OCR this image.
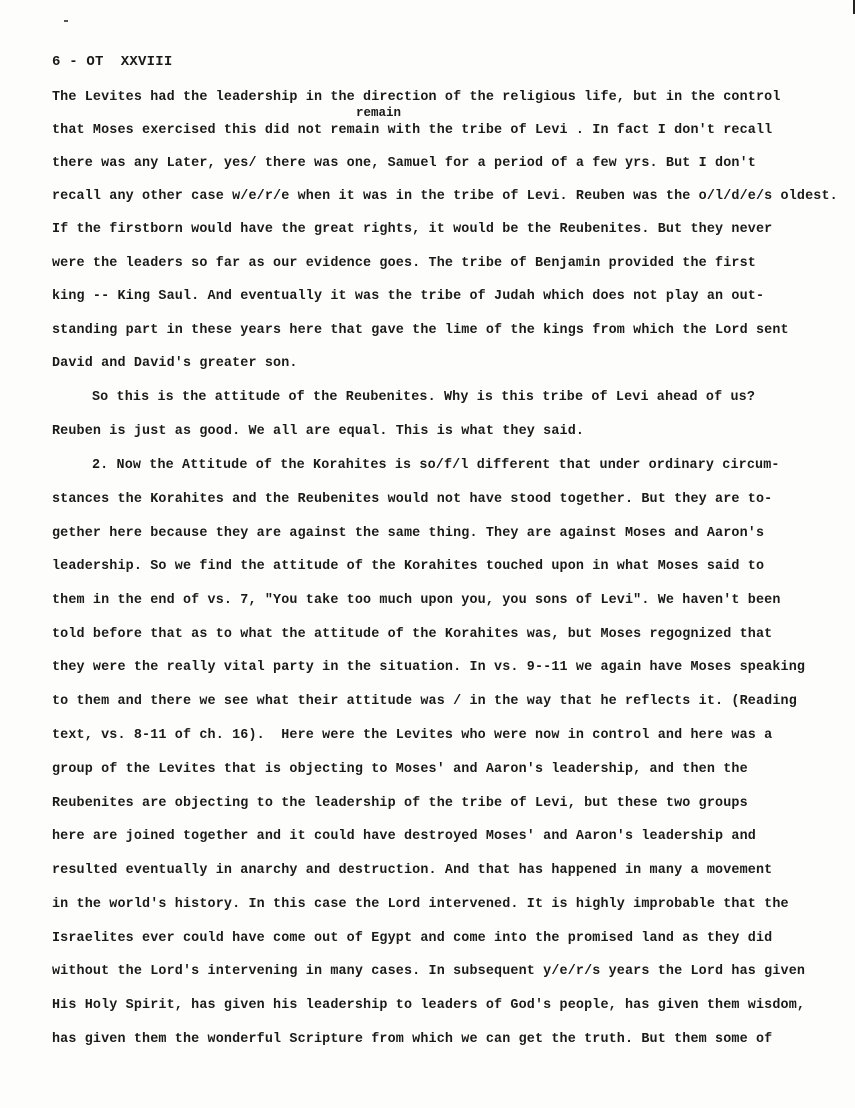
6 - OT  XXVIII
remain
The Levites had the leadership in the direction of the religious life, but in the control
that Moses exercised this did not remain with the tribe of Levi . In fact I don't recall
there was any Later, yes/ there was one, Samuel for a period of a few yrs. But I don't
recall any other case w/e/r/e when it was in the tribe of Levi. Reuben was the o/l/d/e/s oldest.
If the firstborn would have the great rights, it would be the Reubenites. But they never
were the leaders so far as our evidence goes. The tribe of Benjamin provided the first
king -- King Saul. And eventually it was the tribe of Judah which does not play an out-
standing part in these years here that gave the lime of the kings from which the Lord sent
David and David's greater son.
So this is the attitude of the Reubenites. Why is this tribe of Levi ahead of us?
Reuben is just as good. We all are equal. This is what they said.
2. Now the Attitude of the Korahites is so/f/l different that under ordinary circum-
stances the Korahites and the Reubenites would not have stood together. But they are to-
gether here because they are against the same thing. They are against Moses and Aaron's
leadership. So we find the attitude of the Korahites touched upon in what Moses said to
them in the end of vs. 7, "You take too much upon you, you sons of Levi". We haven't been
told before that as to what the attitude of the Korahites was, but Moses regognized that
they were the really vital party in the situation. In vs. 9--11 we again have Moses speaking
to them and there we see what their attitude was / in the way that he reflects it. (Reading
text, vs. 8-11 of ch. 16).  Here were the Levites who were now in control and here was a
group of the Levites that is objecting to Moses' and Aaron's leadership, and then the
Reubenites are objecting to the leadership of the tribe of Levi, but these two groups
here are joined together and it could have destroyed Moses' and Aaron's leadership and
resulted eventually in anarchy and destruction. And that has happened in many a movement
in the world's history. In this case the Lord intervened. It is highly improbable that the
Israelites ever could have come out of Egypt and come into the promised land as they did
without the Lord's intervening in many cases. In subsequent y/e/r/s years the Lord has given
His Holy Spirit, has given his leadership to leaders of God's people, has given them wisdom,
has given them the wonderful Scripture from which we can get the truth. But them some of
